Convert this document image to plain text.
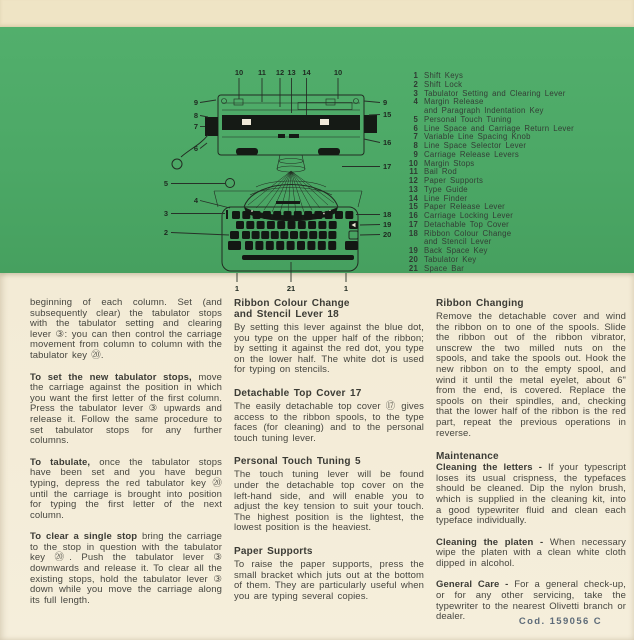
10 11 12 13 14	10
9
8
7
6
5
4
3
2
9
15
16
17
18
19
20
1	21	1
1 Shift Keys
2 Shift Lock
3 Tabulator Setting and Clearing Lever
4 Margin Release
and Paragraph Indentation Key
5 Personal Touch Tuning
6 Line Space and Carriage Return Lever
7 Variable Line Spacing Knob
8 Line Space Selector Lever
9 Carriage Release Levers
10 Margin Stops
11 Bail Rod
12 Paper Supports
13 Type Guide
14 Line Finder
15 Paper Release Lever
16 Carriage Locking Lever
17 Detachable Top Cover
18 Ribbon Colour Change
and Stencil Lever
19 Back Space Key
20 Tabulator Key
21 Space Bar

beginning of each column. Set (and subsequently clear) the tabulator stops with the tabulator setting and clearing lever ③: you can then control the carriage movement from column to column with the tabulator key ⑳.

To set the new tabulator stops, move the carriage against the position in which you want the first letter of the first column. Press the tabulator lever ③ upwards and release it. Follow the same procedure to set tabulator stops for any further columns.

To tabulate, once the tabulator stops have been set and you have begun typing, depress the red tabulator key ⑳ until the carriage is brought into position for typing the first letter of the next column.

To clear a single stop bring the carriage to the stop in question with the tabulator key ⑳. Push the tabulator lever ③ downwards and release it. To clear all the existing stops, hold the tabulator lever ③ down while you move the carriage along its full length.

Ribbon Colour Change
and Stencil Lever 18

By setting this lever against the blue dot, you type on the upper half of the ribbon; by setting it against the red dot, you type on the lower half. The white dot is used for typing on stencils.

Detachable Top Cover 17

The easily detachable top cover ⑰ gives access to the ribbon spools, to the type faces (for cleaning) and to the personal touch tuning lever.

Personal Touch Tuning 5

The touch tuning lever will be found under the detachable top cover on the left-hand side, and will enable you to adjust the key tension to suit your touch. The highest position is the lightest, the lowest position is the heaviest.

Paper Supports

To raise the paper supports, press the small bracket which juts out at the bottom of them. They are particularly useful when you are typing several copies.

Ribbon Changing

Remove the detachable cover and wind the ribbon on to one of the spools. Slide the ribbon out of the ribbon vibrator, unscrew the two milled nuts on the spools, and take the spools out. Hook the new ribbon on to the empty spool, and wind it until the metal eyelet, about 6" from the end, is covered. Replace the spools on their spindles, and, checking that the lower half of the ribbon is the red part, repeat the previous operations in reverse.

Maintenance

Cleaning the letters - If your typescript loses its usual crispness, the typefaces should be cleaned. Dip the nylon brush, which is supplied in the cleaning kit, into a good typewriter fluid and clean each typeface individually.

Cleaning the platen - When necessary wipe the platen with a clean white cloth dipped in alcohol.

General Care - For a general check-up, or for any other servicing, take the typewriter to the nearest Olivetti branch or dealer.	Cod. 159056 C
